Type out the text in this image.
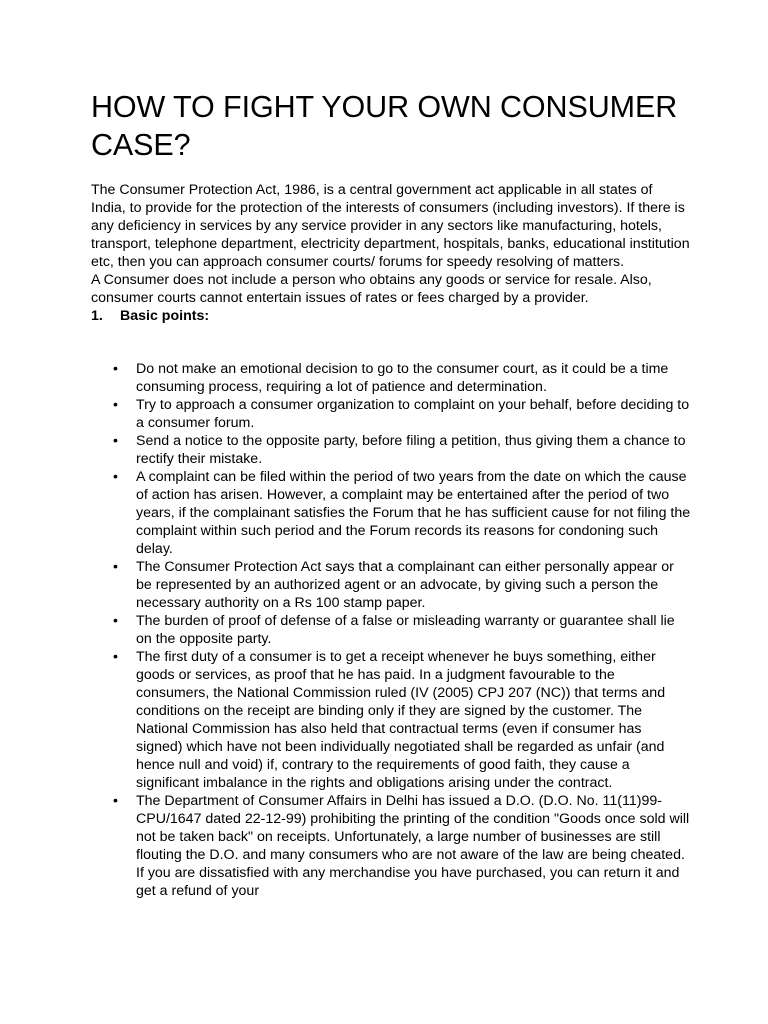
HOW TO FIGHT YOUR OWN CONSUMER
CASE?

The Consumer Protection Act, 1986, is a central government act applicable in all states of India, to provide for the protection of the interests of consumers (including investors). If there is any deficiency in services by any service provider in any sectors like manufacturing, hotels, transport, telephone department, electricity department, hospitals, banks, educational institution etc, then you can approach consumer courts/ forums for speedy resolving of matters.

A Consumer does not include a person who obtains any goods or service for resale. Also, consumer courts cannot entertain issues of rates or fees charged by a provider.

1.	Basic points:

• Do not make an emotional decision to go to the consumer court, as it could be a time consuming process, requiring a lot of patience and determination.
• Try to approach a consumer organization to complaint on your behalf, before deciding to a consumer forum.
• Send a notice to the opposite party, before filing a petition, thus giving them a chance to rectify their mistake.
• A complaint can be filed within the period of two years from the date on which the cause of action has arisen. However, a complaint may be entertained after the period of two years, if the complainant satisfies the Forum that he has sufficient cause for not filing the complaint within such period and the Forum records its reasons for condoning such delay.
• The Consumer Protection Act says that a complainant can either personally appear or be represented by an authorized agent or an advocate, by giving such a person the necessary authority on a Rs 100 stamp paper.
• The burden of proof of defense of a false or misleading warranty or guarantee shall lie on the opposite party.
• The first duty of a consumer is to get a receipt whenever he buys something, either goods or services, as proof that he has paid. In a judgment favourable to the consumers, the National Commission ruled (IV (2005) CPJ 207 (NC)) that terms and conditions on the receipt are binding only if they are signed by the customer. The National Commission has also held that contractual terms (even if consumer has signed) which have not been individually negotiated shall be regarded as unfair (and hence null and void) if, contrary to the requirements of good faith, they cause a significant imbalance in the rights and obligations arising under the contract.
• The Department of Consumer Affairs in Delhi has issued a D.O. (D.O. No. 11(11)99- CPU/1647 dated 22-12-99) prohibiting the printing of the condition "Goods once sold will not be taken back" on receipts. Unfortunately, a large number of businesses are still flouting the D.O. and many consumers who are not aware of the law are being cheated. If you are dissatisfied with any merchandise you have purchased, you can return it and get a refund of your
